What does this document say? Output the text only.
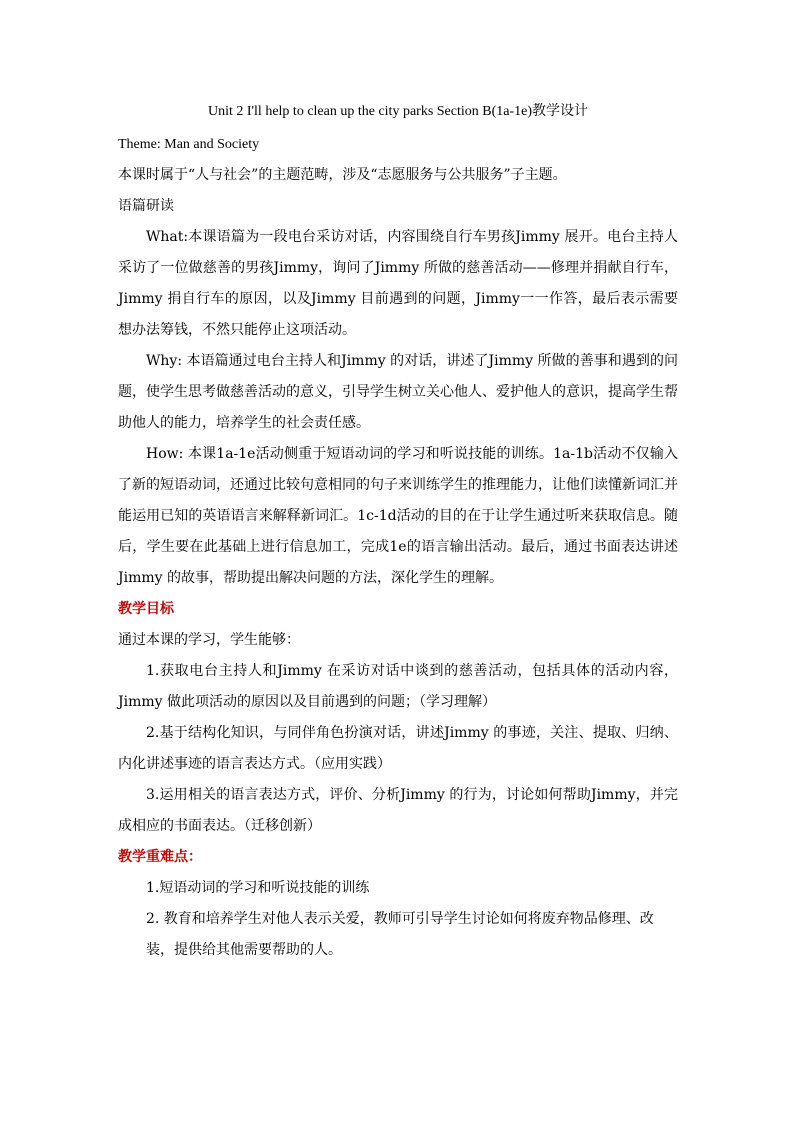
Unit 2 I'll help to clean up the city parks Section B(1a-1e)教学设计
Theme: Man and Society
本课时属于“人与社会”的主题范畴，涉及“志愿服务与公共服务”子主题。
语篇研读
What:本课语篇为一段电台采访对话，内容围绕自行车男孩Jimmy 展开。电台主持人采访了一位做慈善的男孩Jimmy，询问了Jimmy 所做的慈善活动——修理并捐献自行车，Jimmy 捐自行车的原因，以及Jimmy 目前遇到的问题，Jimmy一一作答，最后表示需要想办法筹钱，不然只能停止这项活动。
Why: 本语篇通过电台主持人和Jimmy 的对话，讲述了Jimmy 所做的善事和遇到的问题，使学生思考做慈善活动的意义，引导学生树立关心他人、爱护他人的意识，提高学生帮助他人的能力，培养学生的社会责任感。
How: 本课1a-1e活动侧重于短语动词的学习和听说技能的训练。1a-1b活动不仅输入了新的短语动词，还通过比较句意相同的句子来训练学生的推理能力，让他们读懂新词汇并能运用已知的英语语言来解释新词汇。1c-1d活动的目的在于让学生通过听来获取信息。随后，学生要在此基础上进行信息加工，完成1e的语言输出活动。最后，通过书面表达讲述Jimmy 的故事，帮助提出解决问题的方法，深化学生的理解。
教学目标
通过本课的学习，学生能够：
1.获取电台主持人和Jimmy 在采访对话中谈到的慈善活动，包括具体的活动内容，Jimmy 做此项活动的原因以及目前遇到的问题；（学习理解）
2.基于结构化知识，与同伴角色扮演对话，讲述Jimmy 的事迹，关注、提取、归纳、内化讲述事迹的语言表达方式。（应用实践）
3.运用相关的语言表达方式，评价、分析Jimmy 的行为，讨论如何帮助Jimmy，并完成相应的书面表达。（迁移创新）
教学重难点：
1.短语动词的学习和听说技能的训练
2. 教育和培养学生对他人表示关爱，教师可引导学生讨论如何将废弃物品修理、改装，提供给其他需要帮助的人。
